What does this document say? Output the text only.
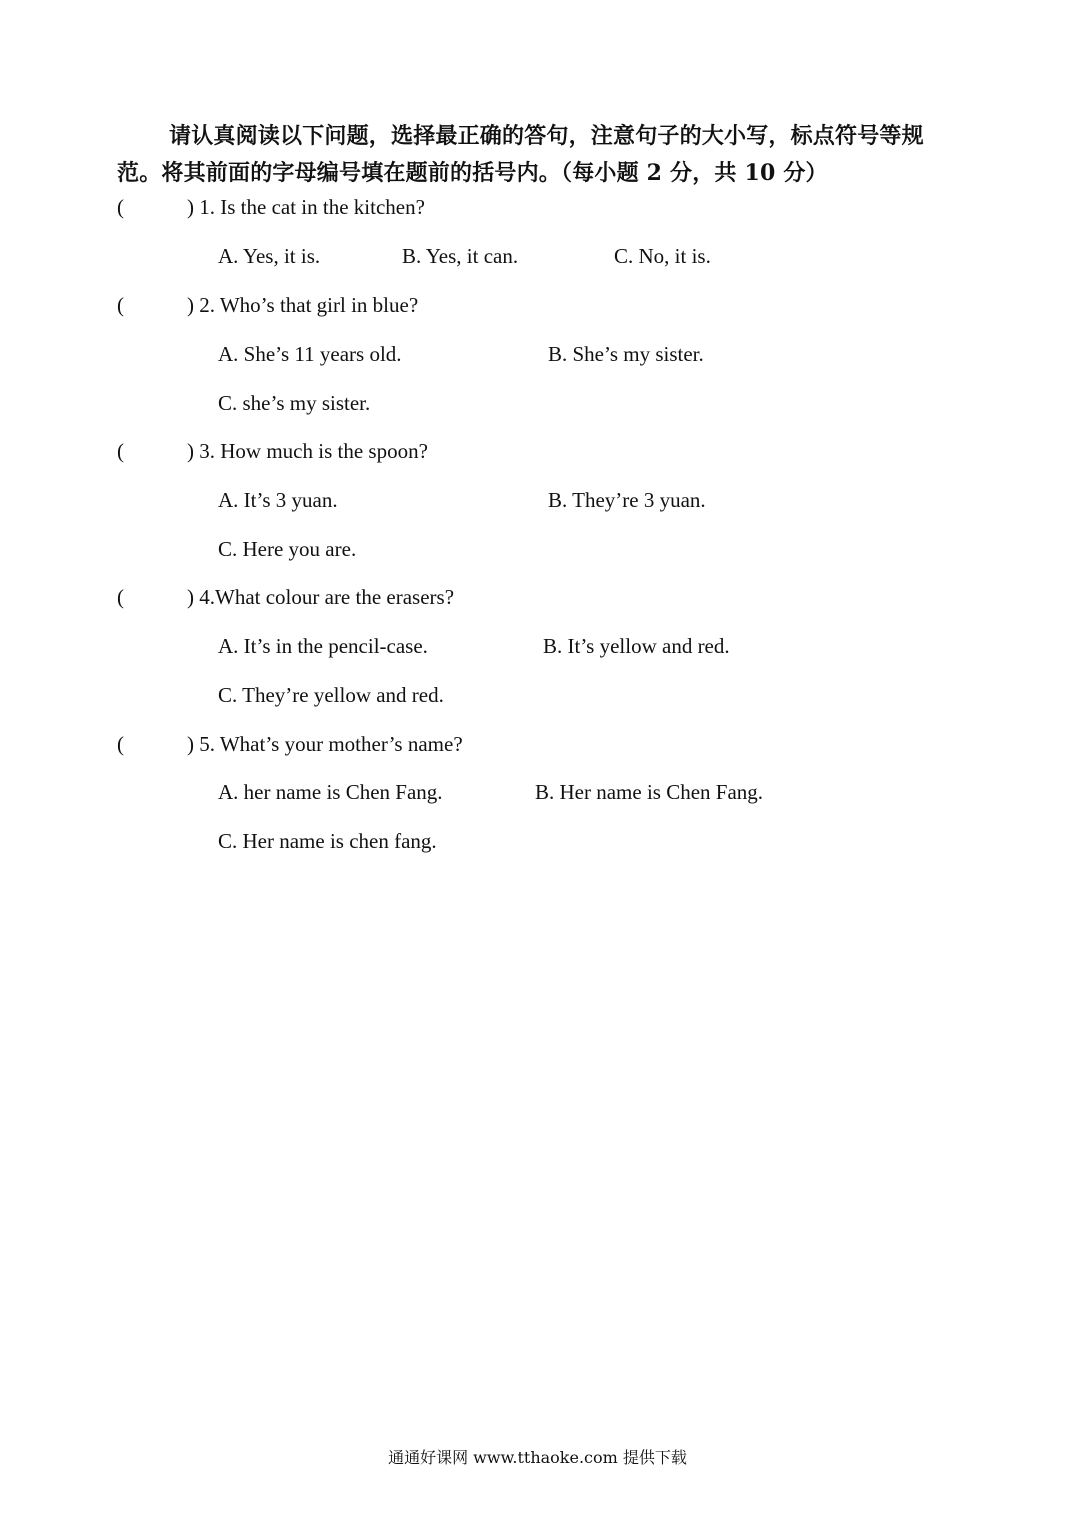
请认真阅读以下问题，选择最正确的答句，注意句子的大小写，标点符号等规范。将其前面的字母编号填在题前的括号内。（每小题 2 分，共 10 分）
(	) 1. Is the cat in the kitchen?
A. Yes, it is.	B. Yes, it can.	C. No, it is.
(	) 2. Who’s that girl in blue?
A. She’s 11 years old.	B. She’s my sister.
C. she’s my sister.
(	) 3. How much is the spoon?
A. It’s 3 yuan.	B. They’re 3 yuan.
C. Here you are.
(	) 4.What colour are the erasers?
A. It’s in the pencil-case.	B. It’s yellow and red.
C. They’re yellow and red.
(	) 5. What’s your mother’s name?
A. her name is Chen Fang.	B. Her name is Chen Fang.
C. Her name is chen fang.
通通好课网 www.tthaoke.com 提供下载
